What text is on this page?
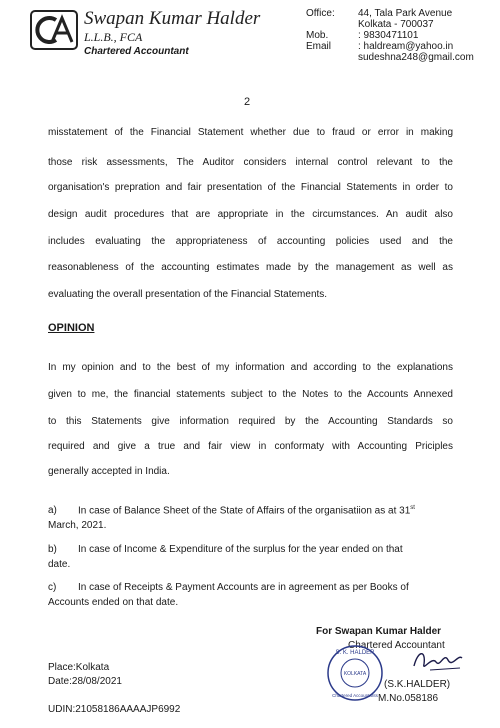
Swapan Kumar Halder
L.L.B., FCA
Chartered Accountant
Office: 44, Tala Park Avenue
Kolkata - 700037
Mob.	: 9830471101
Email	: haldream@yahoo.in
sudeshna248@gmail.com
2
misstatement of the Financial Statement whether due to fraud or error in making
those risk assessments, The Auditor considers internal control relevant to the
organisation's prepration and fair presentation of the Financial Statements in order to
design audit procedures that are appropriate in the circumstances. An audit also
includes evaluating the appropriateness of accounting policies used and the
reasonableness of the accounting estimates made by the management as well as
evaluating the overall presentation of the Financial Statements.
OPINION
In my opinion and to the best of my information and according to the explanations
given to me, the financial statements subject to the Notes to the Accounts Annexed
to this Statements give information required by the Accounting Standards so
required and give a true and fair view in conformaty with Accounting Priciples
generally accepted in India.
a) In case of Balance Sheet of the State of Affairs of the organisatiion as at 31st
March, 2021.
b) In case of Income & Expenditure of the surplus for the year ended on that
date.
c) In case of Receipts & Payment Accounts are in agreement as per Books of
Accounts ended on that date.
For Swapan Kumar Halder
Chartered Accountant
S. K. HALDER
KOLKATA
Chartered Accountants
(S.K.HALDER)
M.No.058186
Place:Kolkata
Date:28/08/2021
UDIN:21058186AAAAJP6992
